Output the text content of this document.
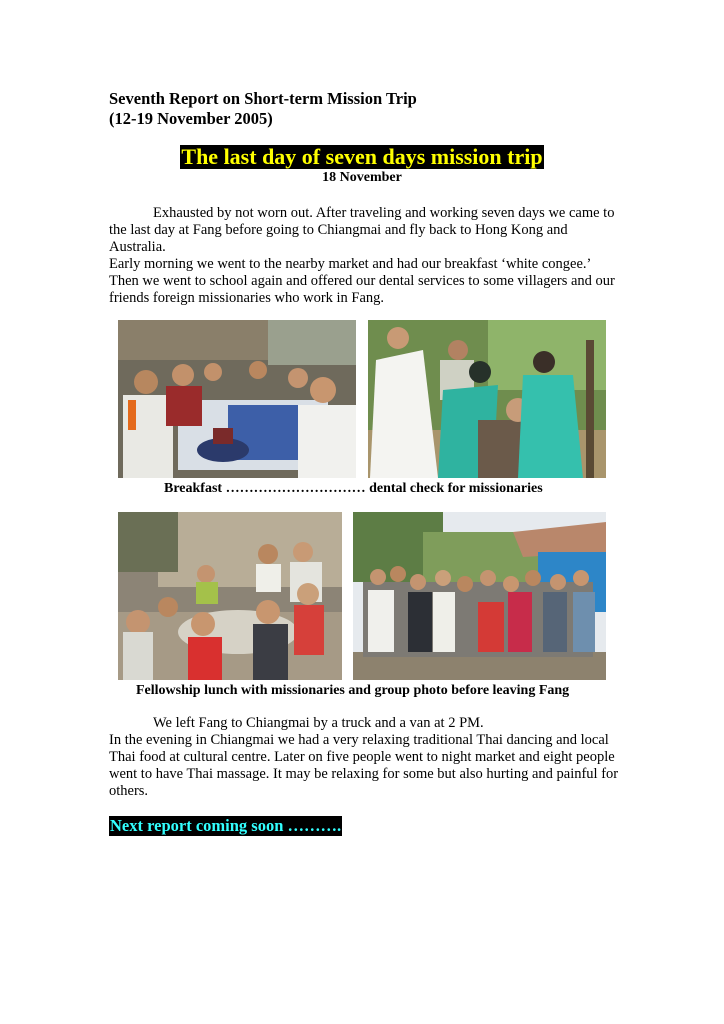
Seventh Report on Short-term Mission Trip
(12-19 November 2005)
The last day of seven days mission trip
18 November
Exhausted by not worn out. After traveling and working seven days we came to the last day at Fang before going to Chiangmai and fly back to Hong Kong and Australia.
Early morning we went to the nearby market and had our breakfast ‘white congee.’ Then we went to school again and offered our dental services to some villagers and our friends foreign missionaries who work in Fang.
Breakfast ………………………… dental check for missionaries
Fellowship lunch with missionaries and group photo before leaving Fang
We left Fang to Chiangmai by a truck and a van at 2 PM.
In the evening in Chiangmai we had a very relaxing traditional Thai dancing and local Thai food at cultural centre. Later on five people went to night market and eight people went to have Thai massage. It may be relaxing for some but also hurting and painful for others.
Next report coming soon ……….
